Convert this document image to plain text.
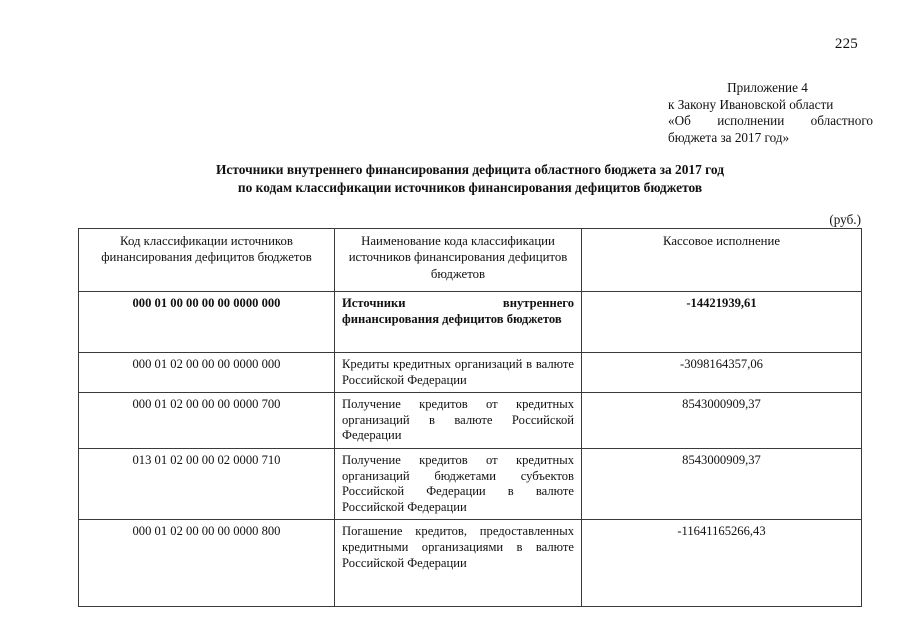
225
Приложение 4
к Закону Ивановской области
«Об исполнении областного
бюджета за 2017 год»
Источники внутреннего финансирования дефицита областного бюджета за 2017 год
по кодам классификации источников финансирования дефицитов бюджетов
(руб.)
Код классификации источников финансирования дефицитов бюджетов	Наименование кода классификации источников финансирования дефицитов бюджетов	Кассовое исполнение
000 01 00 00 00 00 0000 000	Источники внутреннего финансирования дефицитов бюджетов	-14421939,61
000 01 02 00 00 00 0000 000	Кредиты кредитных организаций в валюте Российской Федерации	-3098164357,06
000 01 02 00 00 00 0000 700	Получение кредитов от кредитных организаций в валюте Российской Федерации	8543000909,37
013 01 02 00 00 02 0000 710	Получение кредитов от кредитных организаций бюджетами субъектов Российской Федерации в валюте Российской Федерации	8543000909,37
000 01 02 00 00 00 0000 800	Погашение кредитов, предоставленных кредитными организациями в валюте Российской Федерации	-11641165266,43
